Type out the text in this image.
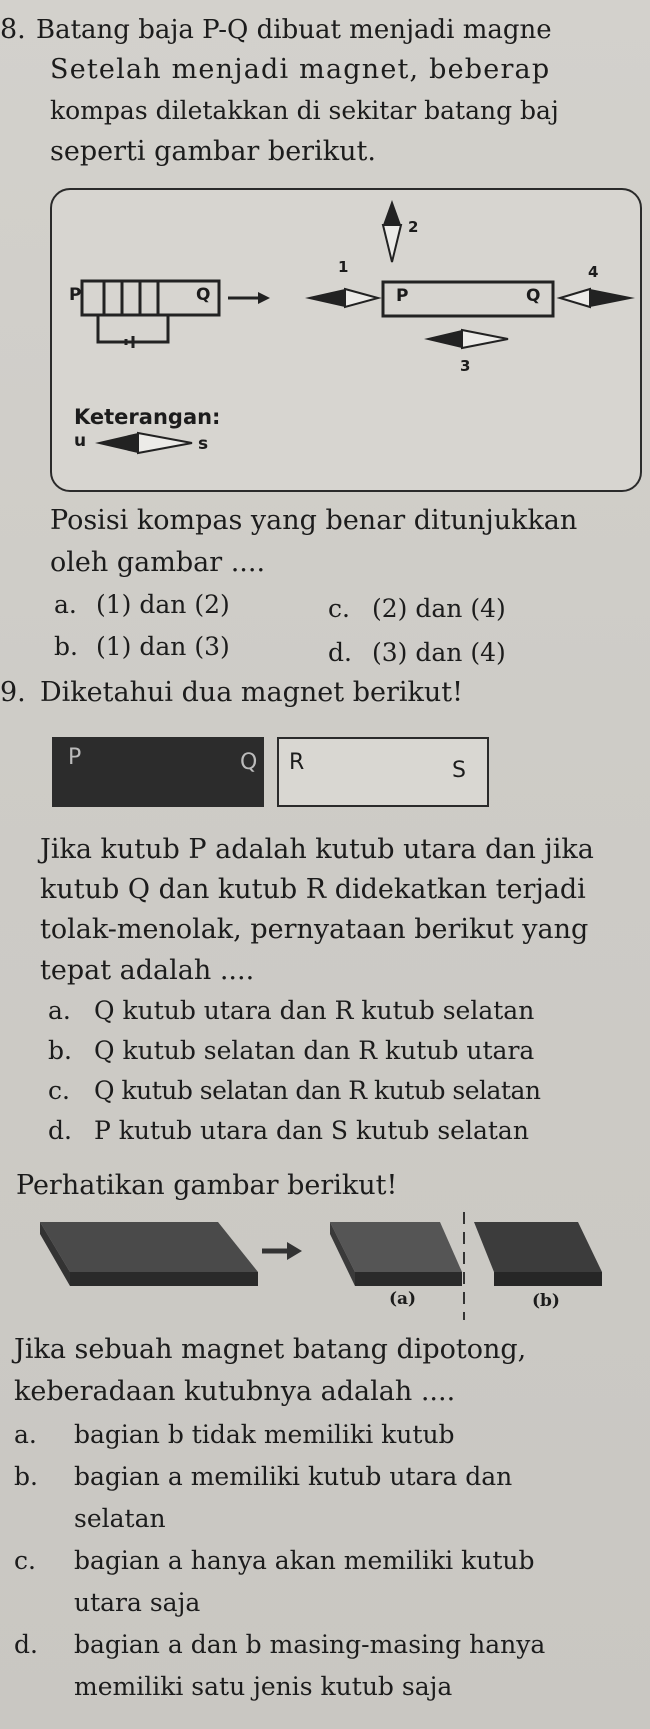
8. Batang baja P-Q dibuat menjadi magne
Setelah menjadi magnet, beberap
kompas diletakkan di sekitar batang baj
seperti gambar berikut.
P	Q	P	Q
1
2
3
4
Keterangan:
u	s
Posisi kompas yang benar ditunjukkan
oleh gambar ....
a. (1) dan (2)	c. (2) dan (4)
b. (1) dan (3)	d. (3) dan (4)
9. Diketahui dua magnet berikut!
P	Q R	S
Jika kutub P adalah kutub utara dan jika
kutub Q dan kutub R didekatkan terjadi
tolak-menolak, pernyataan berikut yang
tepat adalah ....
a. Q kutub utara dan R kutub selatan
b. Q kutub selatan dan R kutub utara
c. Q kutub selatan dan R kutub selatan
d. P kutub utara dan S kutub selatan
Perhatikan gambar berikut!
(a)	(b)
Jika sebuah magnet batang dipotong,
keberadaan kutubnya adalah ....
a. bagian b tidak memiliki kutub
b. bagian a memiliki kutub utara dan
selatan
c. bagian a hanya akan memiliki kutub
utara saja
d. bagian a dan b masing-masing hanya
memiliki satu jenis kutub saja
